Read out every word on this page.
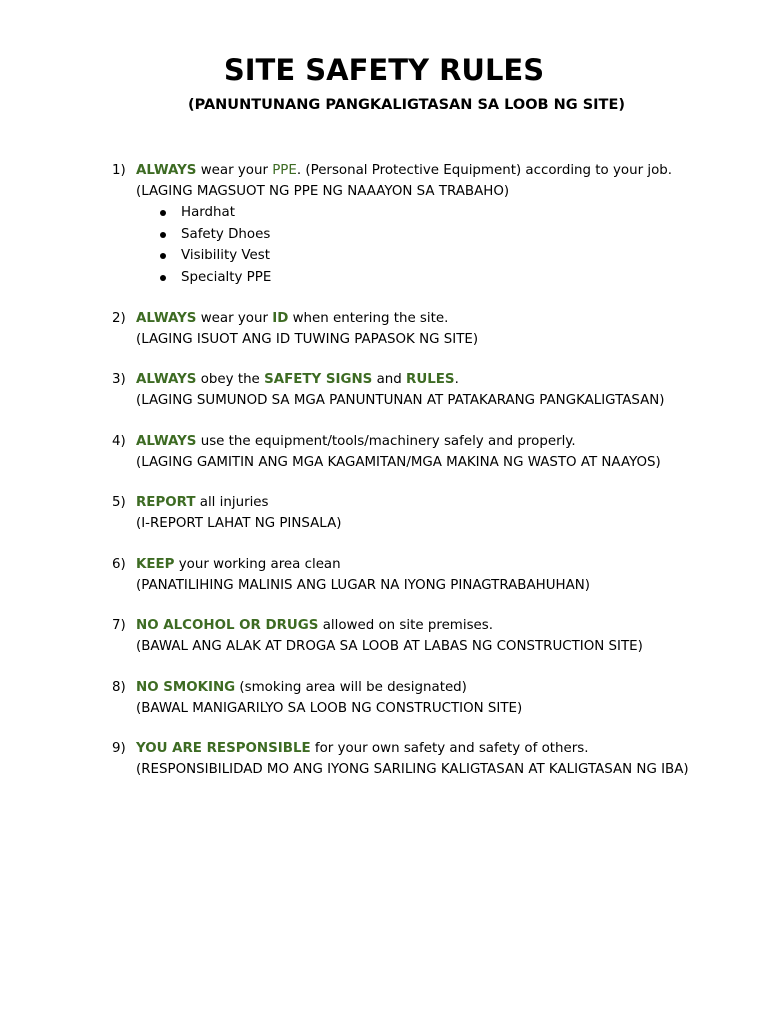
SITE SAFETY RULES
(PANUNTUNANG PANGKALIGTASAN SA LOOB NG SITE)
1) ALWAYS wear your PPE. (Personal Protective Equipment) according to your job.
(LAGING MAGSUOT NG PPE NG NAAAYON SA TRABAHO)
Hardhat
Safety Dhoes
Visibility Vest
Specialty PPE
2) ALWAYS wear your ID when entering the site.
(LAGING ISUOT ANG ID TUWING PAPASOK NG SITE)
3) ALWAYS obey the SAFETY SIGNS and RULES.
(LAGING SUMUNOD SA MGA PANUNTUNAN AT PATAKARANG PANGKALIGTASAN)
4) ALWAYS use the equipment/tools/machinery safely and properly.
(LAGING GAMITIN ANG MGA KAGAMITAN/MGA MAKINA NG WASTO AT NAAYOS)
5) REPORT all injuries
(I-REPORT LAHAT NG PINSALA)
6) KEEP your working area clean
(PANATILIHING MALINIS ANG LUGAR NA IYONG PINAGTRABAHUHAN)
7) NO ALCOHOL OR DRUGS allowed on site premises.
(BAWAL ANG ALAK AT DROGA SA LOOB AT LABAS NG CONSTRUCTION SITE)
8) NO SMOKING (smoking area will be designated)
(BAWAL MANIGARILYO SA LOOB NG CONSTRUCTION SITE)
9) YOU ARE RESPONSIBLE for your own safety and safety of others.
(RESPONSIBILIDAD MO ANG IYONG SARILING KALIGTASAN AT KALIGTASAN NG IBA)
